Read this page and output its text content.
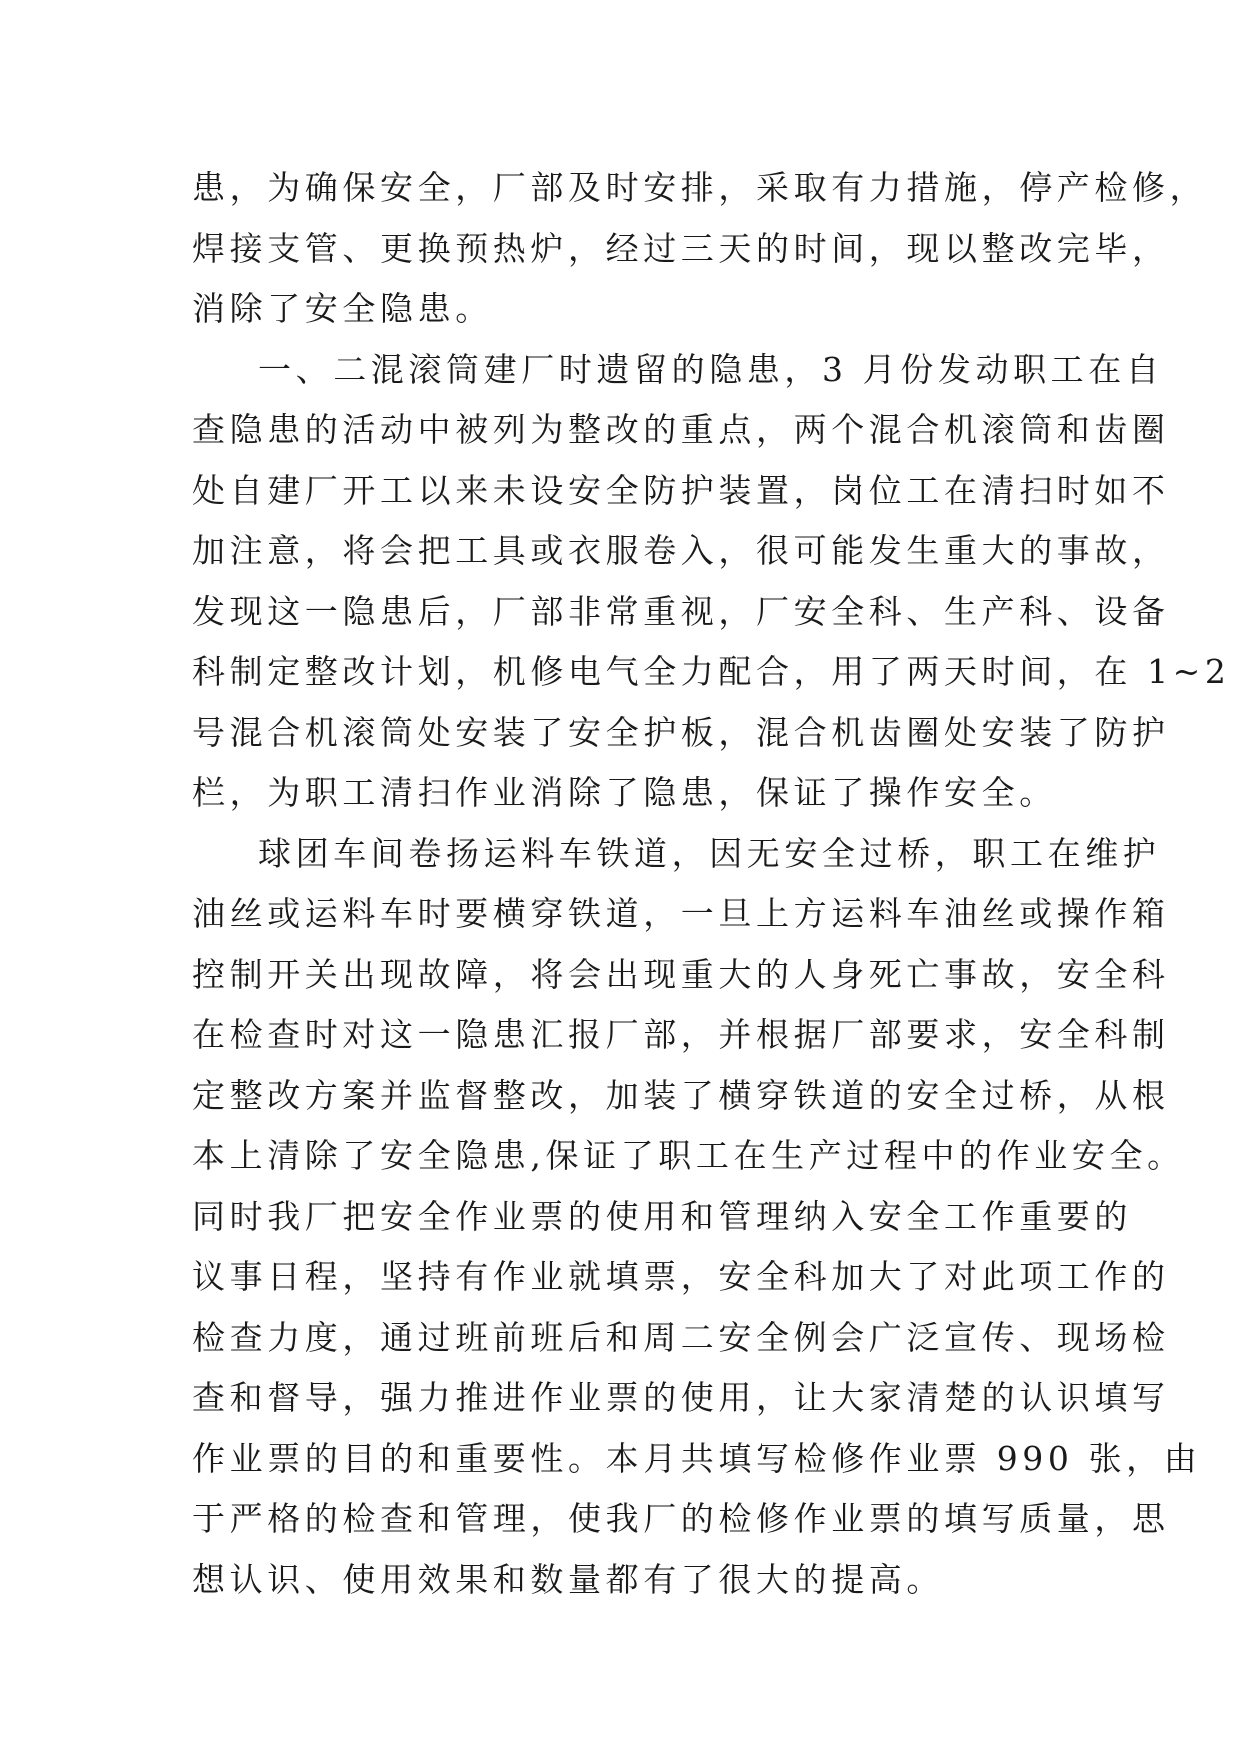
患，为确保安全，厂部及时安排，采取有力措施，停产检修，
焊接支管、更换预热炉，经过三天的时间，现以整改完毕，
消除了安全隐患。
一、二混滚筒建厂时遗留的隐患，3 月份发动职工在自
查隐患的活动中被列为整改的重点，两个混合机滚筒和齿圈
处自建厂开工以来未设安全防护装置，岗位工在清扫时如不
加注意，将会把工具或衣服卷入，很可能发生重大的事故，
发现这一隐患后，厂部非常重视，厂安全科、生产科、设备
科制定整改计划，机修电气全力配合，用了两天时间，在 1~2
号混合机滚筒处安装了安全护板，混合机齿圈处安装了防护
栏，为职工清扫作业消除了隐患，保证了操作安全。
球团车间卷扬运料车铁道，因无安全过桥，职工在维护
油丝或运料车时要横穿铁道，一旦上方运料车油丝或操作箱
控制开关出现故障，将会出现重大的人身死亡事故，安全科
在检查时对这一隐患汇报厂部，并根据厂部要求，安全科制
定整改方案并监督整改，加装了横穿铁道的安全过桥，从根
本上清除了安全隐患,保证了职工在生产过程中的作业安全。
同时我厂把安全作业票的使用和管理纳入安全工作重要的
议事日程，坚持有作业就填票，安全科加大了对此项工作的
检查力度，通过班前班后和周二安全例会广泛宣传、现场检
查和督导，强力推进作业票的使用，让大家清楚的认识填写
作业票的目的和重要性。本月共填写检修作业票 990 张，由
于严格的检查和管理，使我厂的检修作业票的填写质量，思
想认识、使用效果和数量都有了很大的提高。
